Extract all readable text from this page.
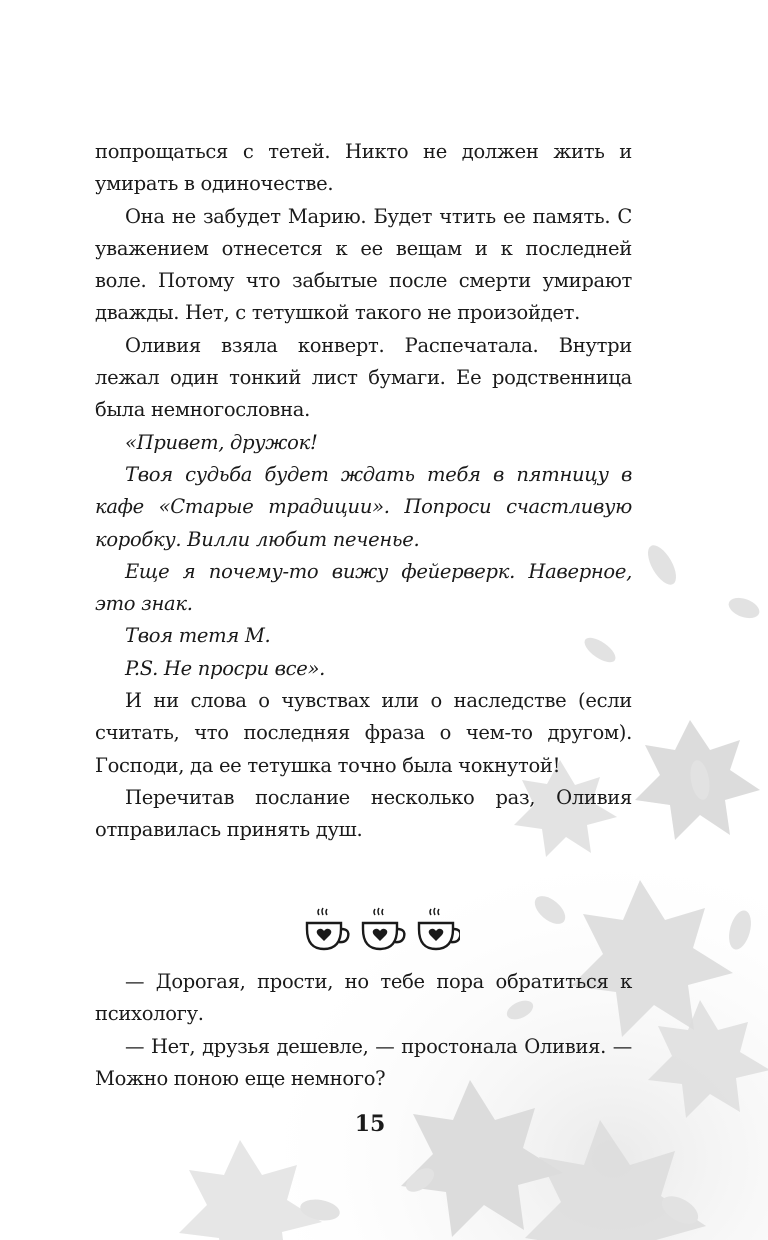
попрощаться с тетей. Никто не должен жить и умирать в одиночестве.

Она не забудет Марию. Будет чтить ее память. С уважением отнесется к ее вещам и к последней воле. Потому что забытые после смерти умирают дважды. Нет, с тетушкой такого не произойдет.

Оливия взяла конверт. Распечатала. Внутри лежал один тонкий лист бумаги. Ее родственница была немногословна.

«Привет, дружок!

Твоя судьба будет ждать тебя в пятницу в кафе «Старые традиции». Попроси счастливую коробку. Вилли любит печенье.

Еще я почему-то вижу фейерверк. Наверное, это знак.

Твоя тетя М.

P.S. Не просри все».

И ни слова о чувствах или о наследстве (если считать, что последняя фраза о чем-то другом). Господи, да ее тетушка точно была чокнутой!

Перечитав послание несколько раз, Оливия отправилась принять душ.

— Дорогая, прости, но тебе пора обратиться к психологу.

— Нет, друзья дешевле, — простонала Оливия. — Можно поною еще немного?

15
